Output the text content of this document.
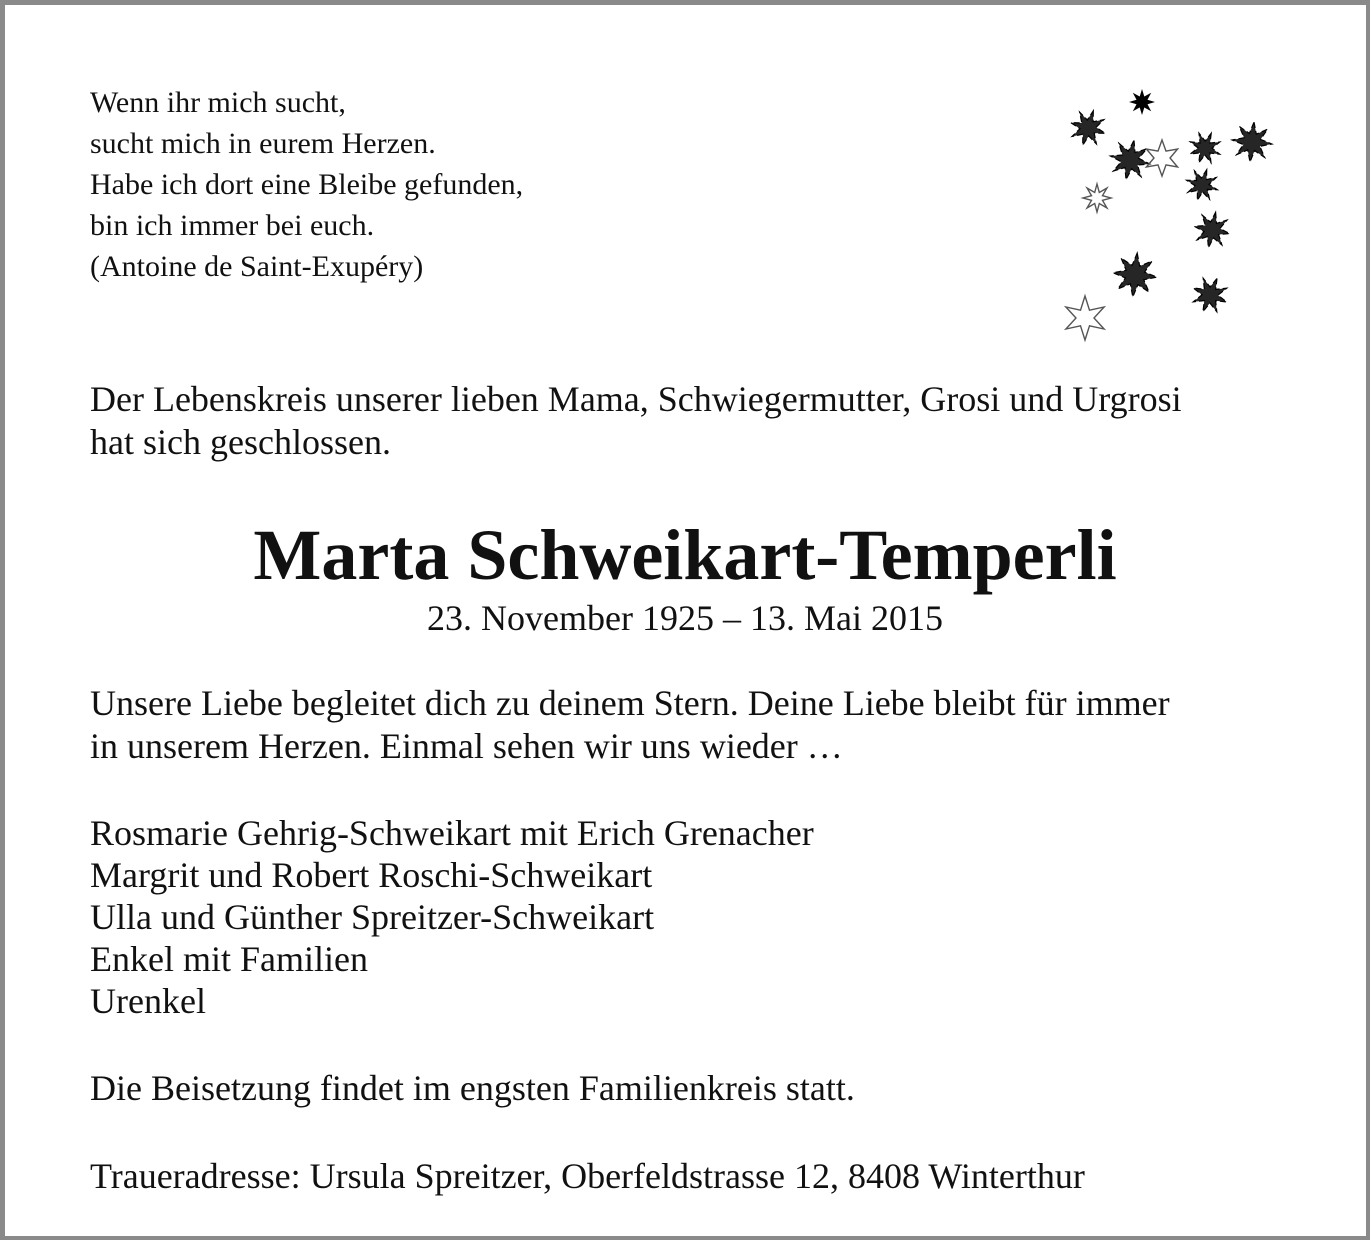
Wenn ihr mich sucht,
sucht mich in eurem Herzen.
Habe ich dort eine Bleibe gefunden,
bin ich immer bei euch.
(Antoine de Saint-Exupéry)
Der Lebenskreis unserer lieben Mama, Schwiegermutter, Grosi und Urgrosi
hat sich geschlossen.
Marta Schweikart-Temperli
23. November 1925 – 13. Mai 2015
Unsere Liebe begleitet dich zu deinem Stern. Deine Liebe bleibt für immer
in unserem Herzen. Einmal sehen wir uns wieder …
Rosmarie Gehrig-Schweikart mit Erich Grenacher
Margrit und Robert Roschi-Schweikart
Ulla und Günther Spreitzer-Schweikart
Enkel mit Familien
Urenkel
Die Beisetzung findet im engsten Familienkreis statt.
Traueradresse: Ursula Spreitzer, Oberfeldstrasse 12, 8408 Winterthur
